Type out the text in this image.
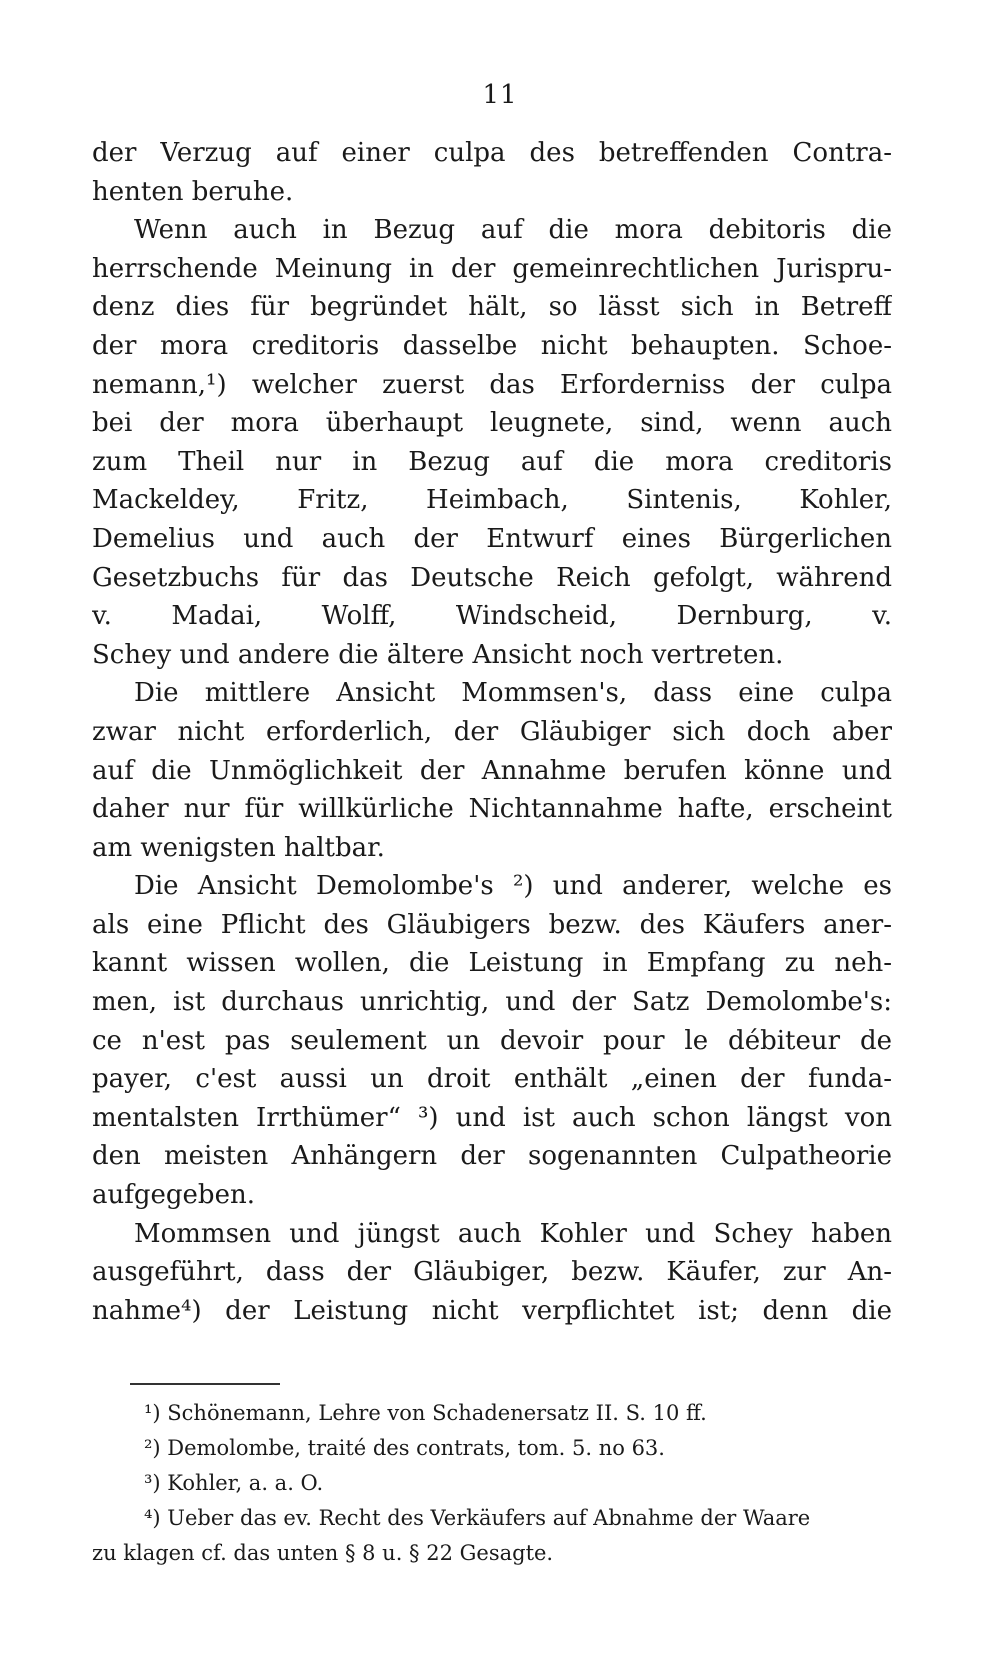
11
der Verzug auf einer culpa des betreffenden Contra-
henten beruhe.
Wenn auch in Bezug auf die mora debitoris die
herrschende Meinung in der gemeinrechtlichen Jurispru-
denz dies für begründet hält, so lässt sich in Betreff
der mora creditoris dasselbe nicht behaupten. Schoe-
nemann,¹) welcher zuerst das Erforderniss der culpa
bei der mora überhaupt leugnete, sind, wenn auch
zum Theil nur in Bezug auf die mora creditoris
Mackeldey, Fritz, Heimbach, Sintenis, Kohler,
Demelius und auch der Entwurf eines Bürgerlichen
Gesetzbuchs für das Deutsche Reich gefolgt, während
v. Madai, Wolff, Windscheid, Dernburg, v.
Schey und andere die ältere Ansicht noch vertreten.
Die mittlere Ansicht Mommsen's, dass eine culpa
zwar nicht erforderlich, der Gläubiger sich doch aber
auf die Unmöglichkeit der Annahme berufen könne und
daher nur für willkürliche Nichtannahme hafte, erscheint
am wenigsten haltbar.
Die Ansicht Demolombe's ²) und anderer, welche es
als eine Pflicht des Gläubigers bezw. des Käufers aner-
kannt wissen wollen, die Leistung in Empfang zu neh-
men, ist durchaus unrichtig, und der Satz Demolombe's:
ce n'est pas seulement un devoir pour le débiteur de
payer, c'est aussi un droit enthält „einen der funda-
mentalsten Irrthümer“ ³) und ist auch schon längst von
den meisten Anhängern der sogenannten Culpatheorie
aufgegeben.
Mommsen und jüngst auch Kohler und Schey haben
ausgeführt, dass der Gläubiger, bezw. Käufer, zur An-
nahme⁴) der Leistung nicht verpflichtet ist; denn die
¹) Schönemann, Lehre von Schadenersatz II. S. 10 ff.
²) Demolombe, traité des contrats, tom. 5. no 63.
³) Kohler, a. a. O.
⁴) Ueber das ev. Recht des Verkäufers auf Abnahme der Waare
zu klagen cf. das unten § 8 u. § 22 Gesagte.
